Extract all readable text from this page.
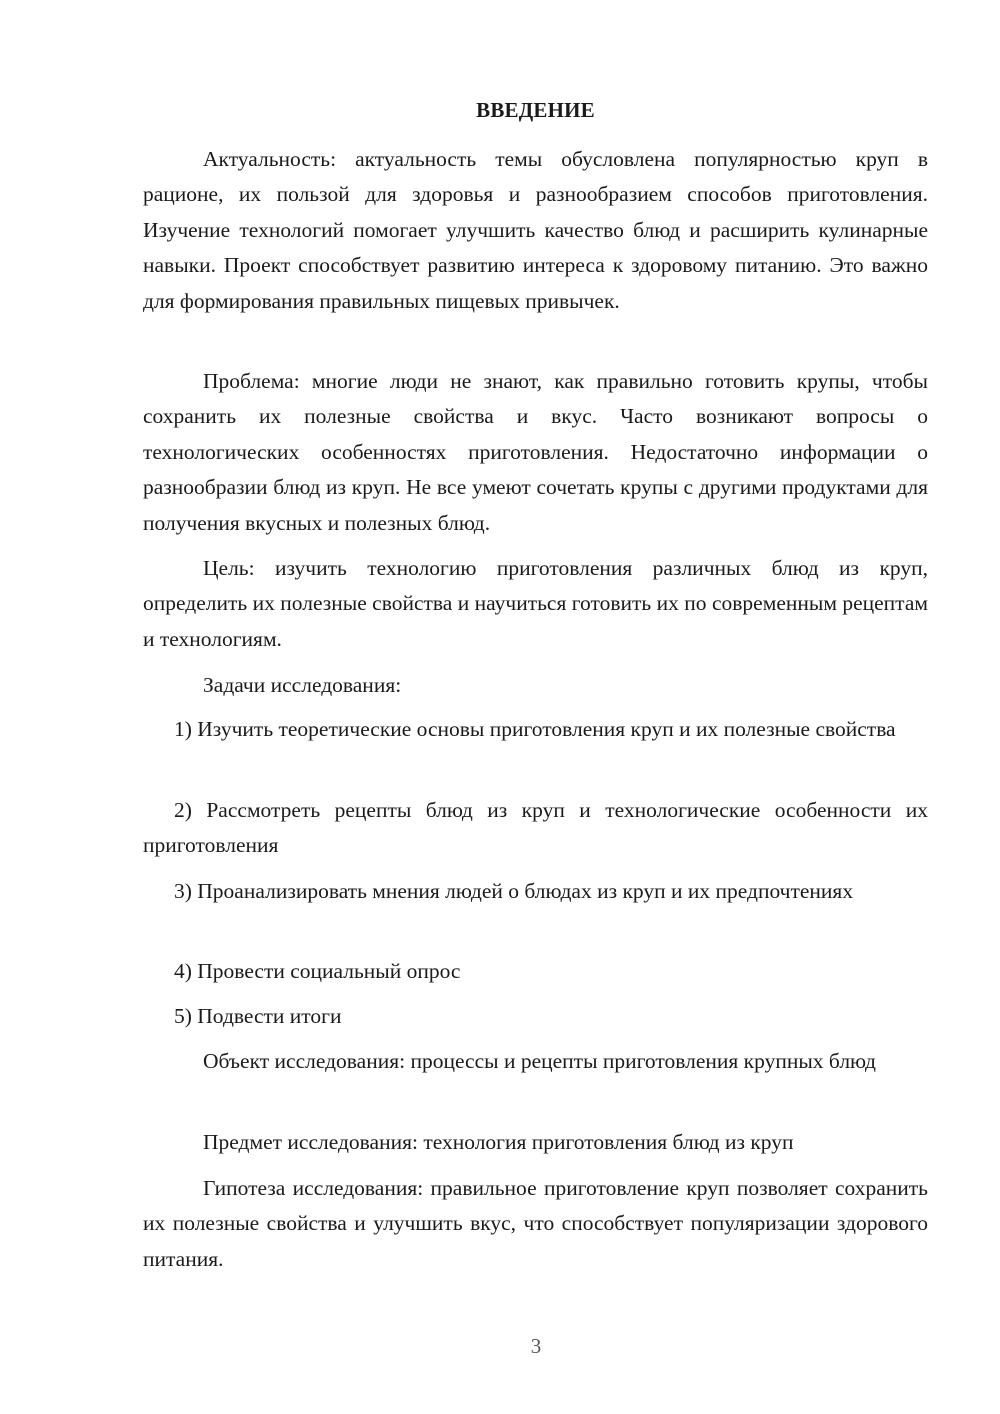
ВВЕДЕНИЕ

Актуальность: актуальность темы обусловлена популярностью круп в рационе, их пользой для здоровья и разнообразием способов приготовления. Изучение технологий помогает улучшить качество блюд и расширить кулинарные навыки. Проект способствует развитию интереса к здоровому питанию. Это важно для формирования правильных пищевых привычек.

Проблема: многие люди не знают, как правильно готовить крупы, чтобы сохранить их полезные свойства и вкус. Часто возникают вопросы о технологических особенностях приготовления. Недостаточно информации о разнообразии блюд из круп. Не все умеют сочетать крупы с другими продуктами для получения вкусных и полезных блюд.

Цель: изучить технологию приготовления различных блюд из круп, определить их полезные свойства и научиться готовить их по современным рецептам и технологиям.

Задачи исследования:

1) Изучить теоретические основы приготовления круп и их полезные свойства

2) Рассмотреть рецепты блюд из круп и технологические особенности их приготовления

3) Проанализировать мнения людей о блюдах из круп и их предпочтениях

4) Провести социальный опрос

5) Подвести итоги

Объект исследования: процессы и рецепты приготовления крупных блюд

Предмет исследования: технология приготовления блюд из круп

Гипотеза исследования: правильное приготовление круп позволяет сохранить их полезные свойства и улучшить вкус, что способствует популяризации здорового питания.

3
